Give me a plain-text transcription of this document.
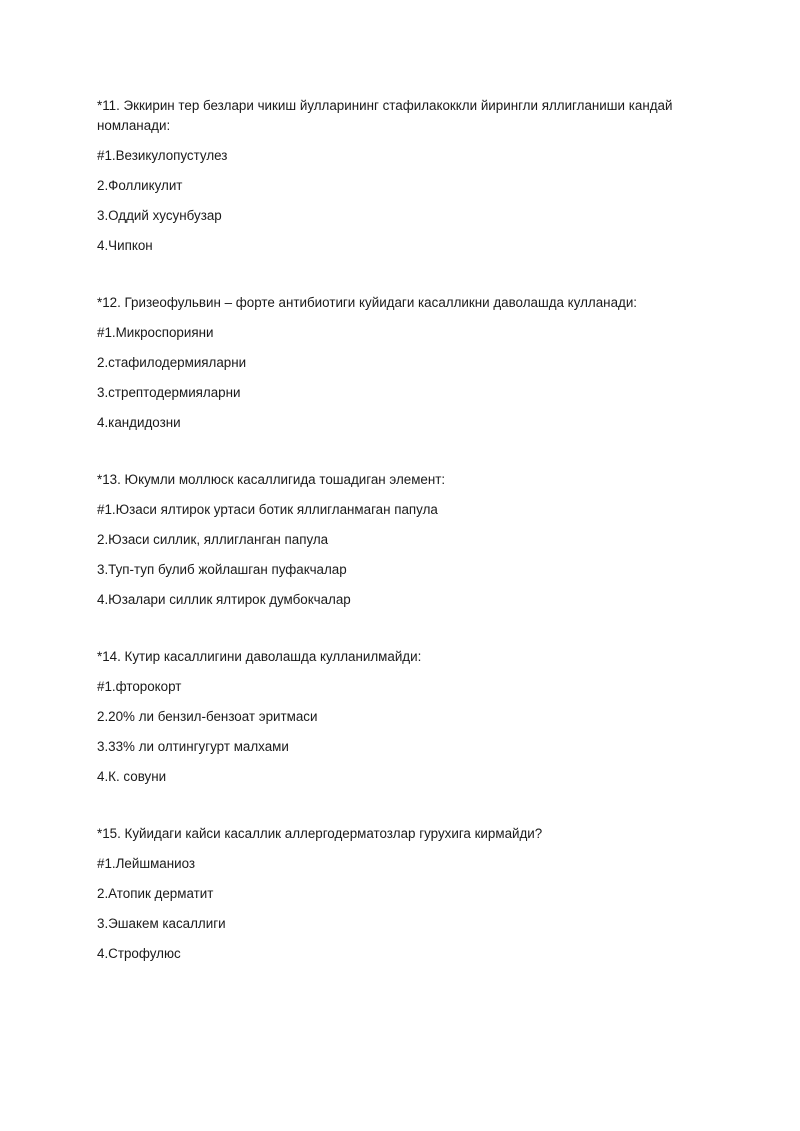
*11. Эккирин тер безлари чикиш йулларининг стафилакоккли йирингли яллигланиши кандай номланади:

#1.Везикулопустулез

2.Фолликулит

3.Оддий хусунбузар

4.Чипкон

*12. Гризеофульвин – форте антибиотиги куйидаги касалликни даволашда кулланади:

#1.Микроспорияни

2.стафилодермияларни

3.стрептодермияларни

4.кандидозни

*13. Юкумли моллюск касаллигида тошадиган элемент:

#1.Юзаси ялтирок уртаси ботик яллигланмаган папула

2.Юзаси силлик, яллигланган папула

3.Туп-туп булиб жойлашган пуфакчалар

4.Юзалари силлик ялтирок думбокчалар

*14. Кутир касаллигини даволашда кулланилмайди:

#1.фторокорт

2.20% ли бензил-бензоат эритмаси

3.33% ли олтингугурт малхами

4.К. совуни

*15. Куйидаги кайси касаллик аллергодерматозлар гурухига кирмайди?

#1.Лейшманиоз

2.Атопик дерматит

3.Эшакем касаллиги

4.Строфулюс
